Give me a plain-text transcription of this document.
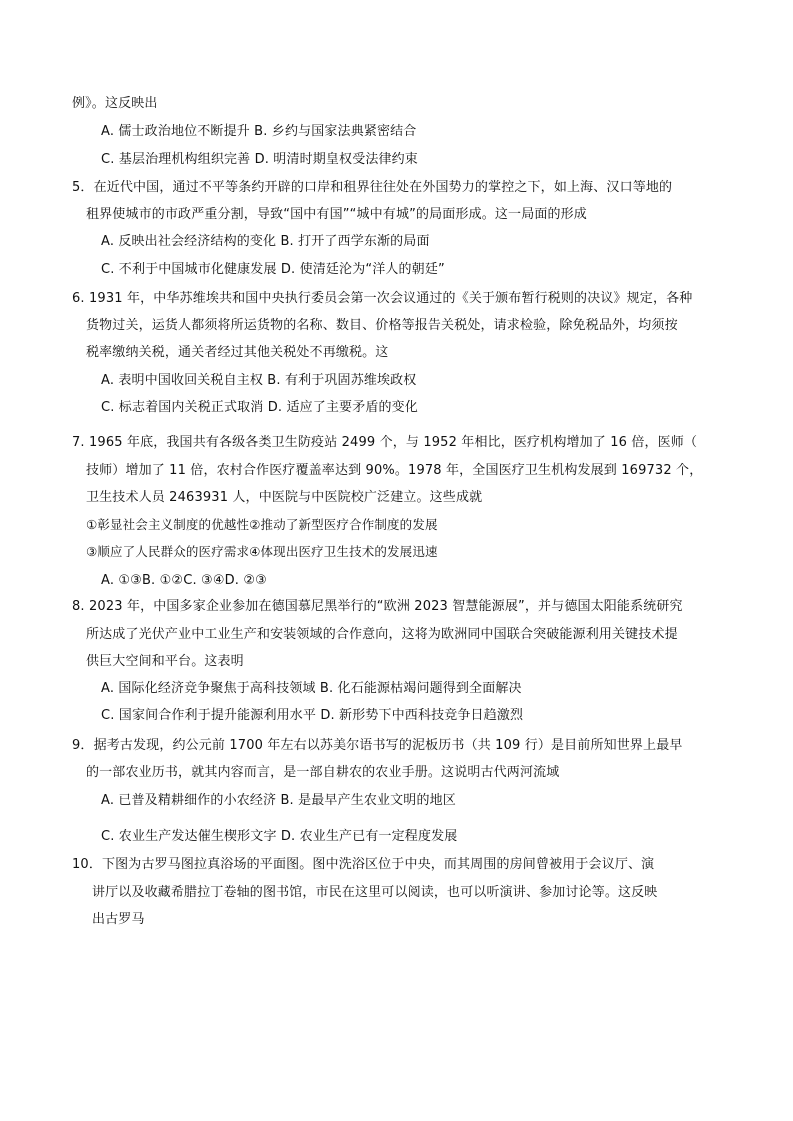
例》。这反映出
A. 儒士政治地位不断提升 B. 乡约与国家法典紧密结合
C. 基层治理机构组织完善 D. 明清时期皇权受法律约束
5．在近代中国，通过不平等条约开辟的口岸和租界往往处在外国势力的掌控之下，如上海、汉口等地的
租界使城市的市政严重分割，导致“国中有国”“城中有城”的局面形成。这一局面的形成
A. 反映出社会经济结构的变化 B. 打开了西学东渐的局面
C. 不利于中国城市化健康发展 D. 使清廷沦为“洋人的朝廷”
6. 1931 年，中华苏维埃共和国中央执行委员会第一次会议通过的《关于颁布暂行税则的决议》规定，各种
货物过关，运货人都须将所运货物的名称、数目、价格等报告关税处，请求检验，除免税品外，均须按
税率缴纳关税，通关者经过其他关税处不再缴税。这
A. 表明中国收回关税自主权 B. 有利于巩固苏维埃政权
C. 标志着国内关税正式取消 D. 适应了主要矛盾的变化
7. 1965 年底，我国共有各级各类卫生防疫站 2499 个，与 1952 年相比，医疗机构增加了 16 倍，医师（
技师）增加了 11 倍，农村合作医疗覆盖率达到 90%。1978 年，全国医疗卫生机构发展到 169732 个，
卫生技术人员 2463931 人，中医院与中医院校广泛建立。这些成就
①彰显社会主义制度的优越性②推动了新型医疗合作制度的发展
③顺应了人民群众的医疗需求④体现出医疗卫生技术的发展迅速
A. ①③B. ①②C. ③④D. ②③
8. 2023 年，中国多家企业参加在德国慕尼黑举行的“欧洲 2023 智慧能源展”，并与德国太阳能系统研究
所达成了光伏产业中工业生产和安装领域的合作意向，这将为欧洲同中国联合突破能源利用关键技术提
供巨大空间和平台。这表明
A. 国际化经济竞争聚焦于高科技领域 B. 化石能源枯竭问题得到全面解决
C. 国家间合作利于提升能源利用水平 D. 新形势下中西科技竞争日趋激烈
9．据考古发现，约公元前 1700 年左右以苏美尔语书写的泥板历书（共 109 行）是目前所知世界上最早
的一部农业历书，就其内容而言，是一部自耕农的农业手册。这说明古代两河流域
A. 已普及精耕细作的小农经济 B. 是最早产生农业文明的地区
C. 农业生产发达催生楔形文字 D. 农业生产已有一定程度发展
10．下图为古罗马图拉真浴场的平面图。图中洗浴区位于中央，而其周围的房间曾被用于会议厅、演
讲厅以及收藏希腊拉丁卷轴的图书馆，市民在这里可以阅读，也可以听演讲、参加讨论等。这反映
出古罗马
